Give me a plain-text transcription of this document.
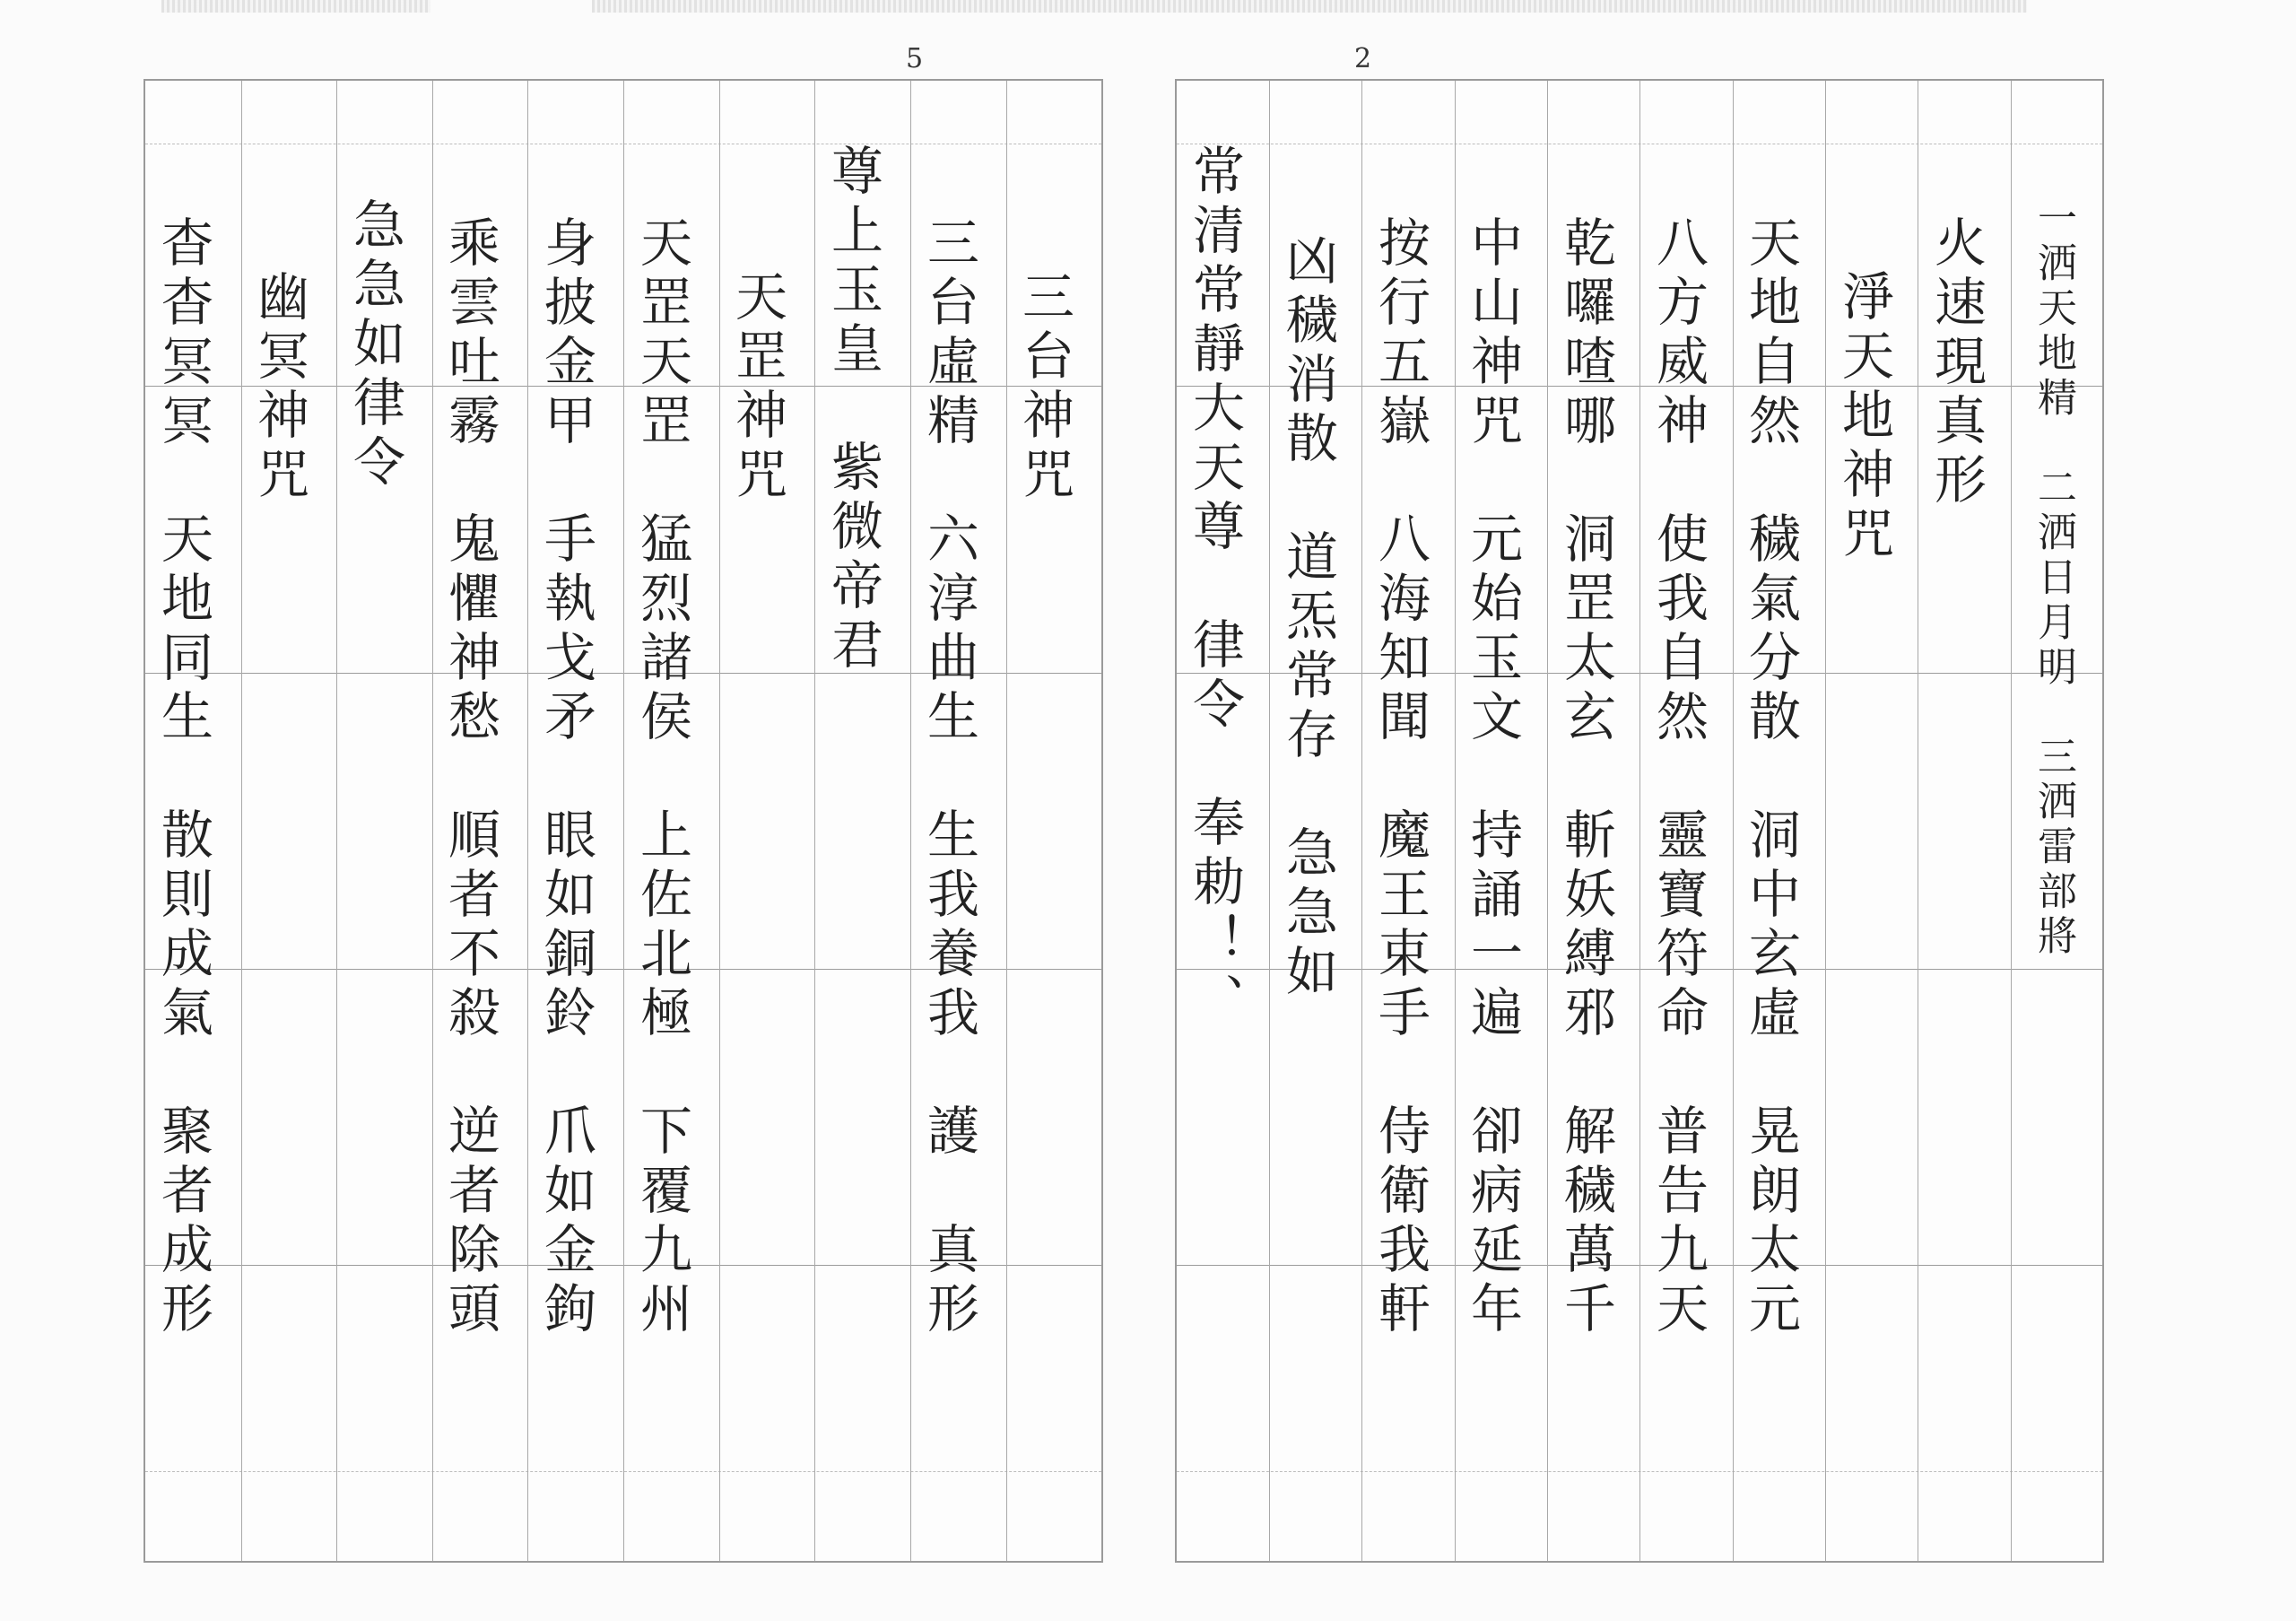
5	2
三台神咒
三台虛精　六淳曲生　生我養我　護　真形
尊上玉皇　紫微帝君
天罡神咒
天罡天罡　猛烈諸侯　上佐北極　下覆九州
身披金甲　手執戈矛　眼如銅鈴　爪如金鉤
乘雲吐霧　鬼懼神愁　順者不殺　逆者除頭
急急如律令
幽冥神咒
杳杳冥冥　天地同生　散則成氣　聚者成形	一洒天地精　二洒日月明　三洒雷部將
火速現真形
淨天地神咒
天地自然　穢氣分散　洞中玄虛　晃朗太元
八方威神　使我自然　靈寶符命　普告九天
乾囉喳哪　洞罡太玄　斬妖縛邪　解穢萬千
中山神咒　元始玉文　持誦一遍　卻病延年
按行五嶽　八海知聞　魔王束手　侍衛我軒
凶穢消散　道炁常存　急急如
常清常靜大天尊　律令　奉勅！、
